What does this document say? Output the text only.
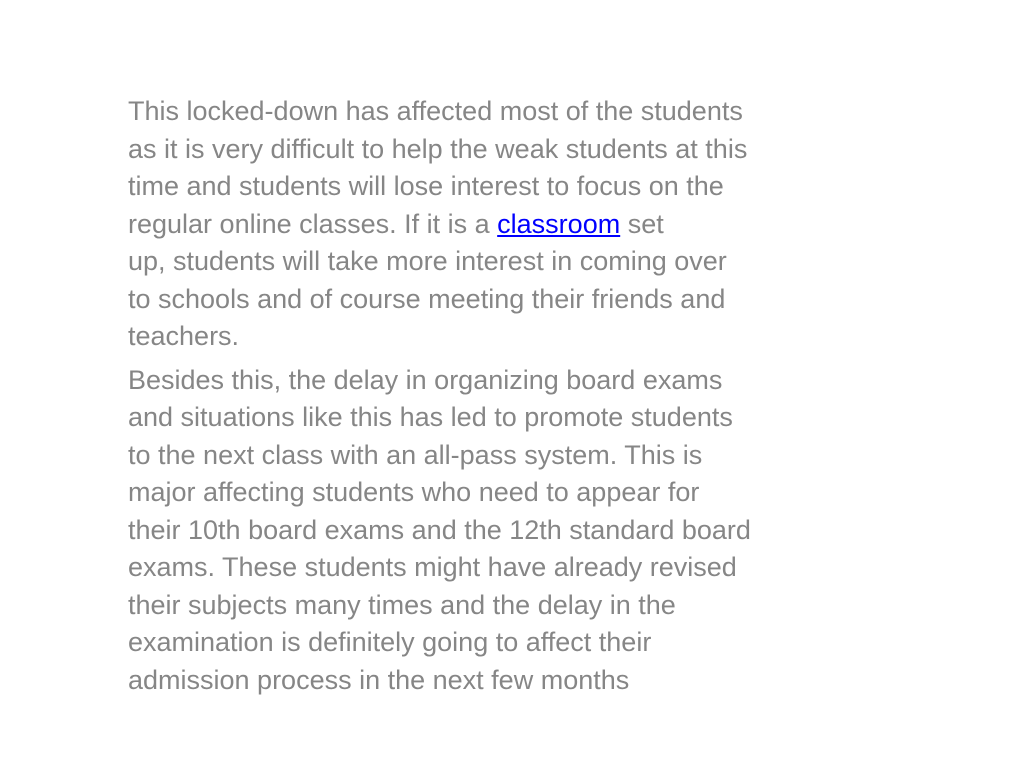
This locked-down has affected most of the students
as it is very difficult to help the weak students at this
time and students will lose interest to focus on the
regular online classes. If it is a classroom set
up, students will take more interest in coming over
to schools and of course meeting their friends and
teachers.

Besides this, the delay in organizing board exams
and situations like this has led to promote students
to the next class with an all-pass system. This is
major affecting students who need to appear for
their 10th board exams and the 12th standard board
exams. These students might have already revised
their subjects many times and the delay in the
examination is definitely going to affect their
admission process in the next few months
